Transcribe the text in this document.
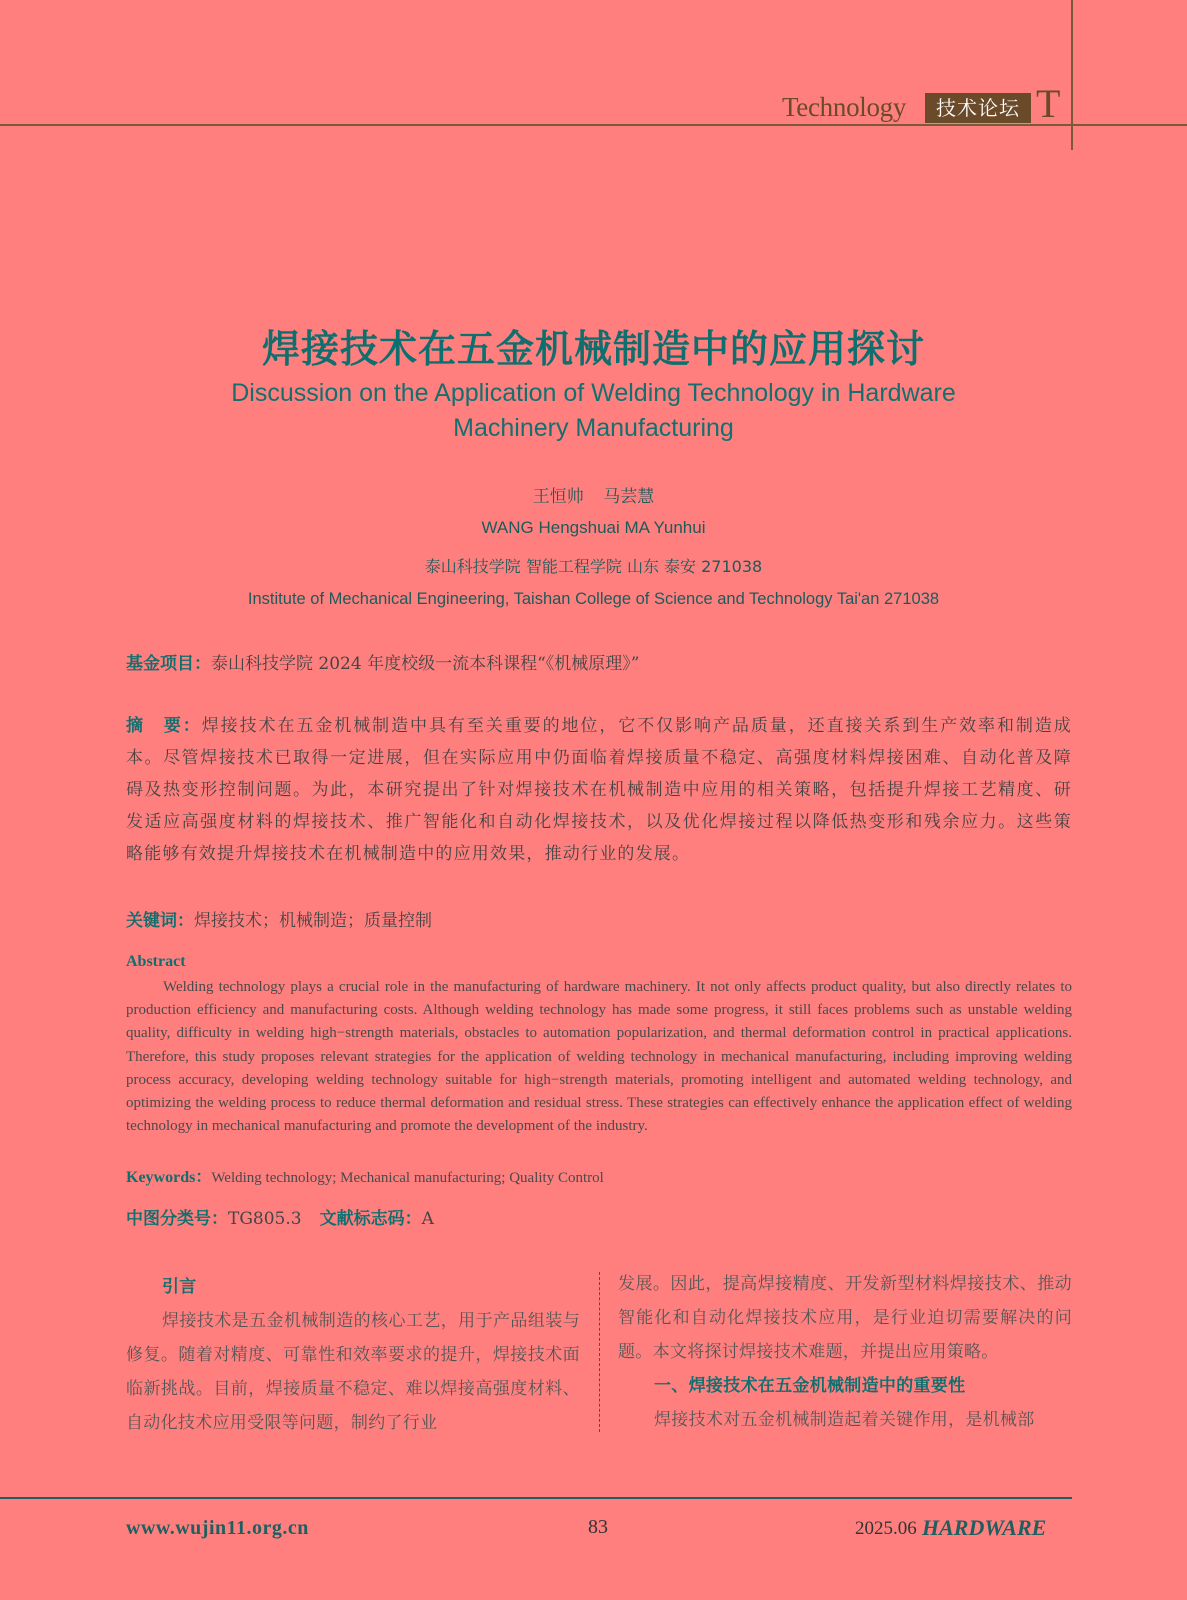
Technology	技术论坛 T
焊接技术在五金机械制造中的应用探讨
Discussion on the Application of Welding Technology in Hardware
Machinery Manufacturing
王恒帅 马芸慧
WANG Hengshuai MA Yunhui
泰山科技学院 智能工程学院 山东 泰安 271038
Institute of Mechanical Engineering, Taishan College of Science and Technology Tai'an 271038
基金项目：泰山科技学院 2024 年度校级一流本科课程“《机械原理》”
摘　要：焊接技术在五金机械制造中具有至关重要的地位，它不仅影响产品质量，还直接关系到生产效率和制造成本。尽管焊接技术已取得一定进展，但在实际应用中仍面临着焊接质量不稳定、高强度材料焊接困难、自动化普及障碍及热变形控制问题。为此，本研究提出了针对焊接技术在机械制造中应用的相关策略，包括提升焊接工艺精度、研发适应高强度材料的焊接技术、推广智能化和自动化焊接技术，以及优化焊接过程以降低热变形和残余应力。这些策略能够有效提升焊接技术在机械制造中的应用效果，推动行业的发展。
关键词：焊接技术；机械制造；质量控制
Abstract
Welding technology plays a crucial role in the manufacturing of hardware machinery. It not only affects product quality, but also directly relates to production efficiency and manufacturing costs. Although welding technology has made some progress, it still faces problems such as unstable welding quality, difficulty in welding high−strength materials, obstacles to automation popularization, and thermal deformation control in practical applications. Therefore, this study proposes relevant strategies for the application of welding technology in mechanical manufacturing, including improving welding process accuracy, developing welding technology suitable for high−strength materials, promoting intelligent and automated welding technology, and optimizing the welding process to reduce thermal deformation and residual stress. These strategies can effectively enhance the application effect of welding technology in mechanical manufacturing and promote the development of the industry.
Keywords：Welding technology; Mechanical manufacturing; Quality Control
中图分类号：TG805.3 文献标志码：A

引言

焊接技术是五金机械制造的核心工艺，用于产品组装与修复。随着对精度、可靠性和效率要求的提升，焊接技术面临新挑战。目前，焊接质量不稳定、难以焊接高强度材料、自动化技术应用受限等问题，制约了行业

发展。因此，提高焊接精度、开发新型材料焊接技术、推动智能化和自动化焊接技术应用，是行业迫切需要解决的问题。本文将探讨焊接技术难题，并提出应用策略。

一、焊接技术在五金机械制造中的重要性

焊接技术对五金机械制造起着关键作用，是机械部

www.wujin11.org.cn	83	2025.06 HARDWARE
